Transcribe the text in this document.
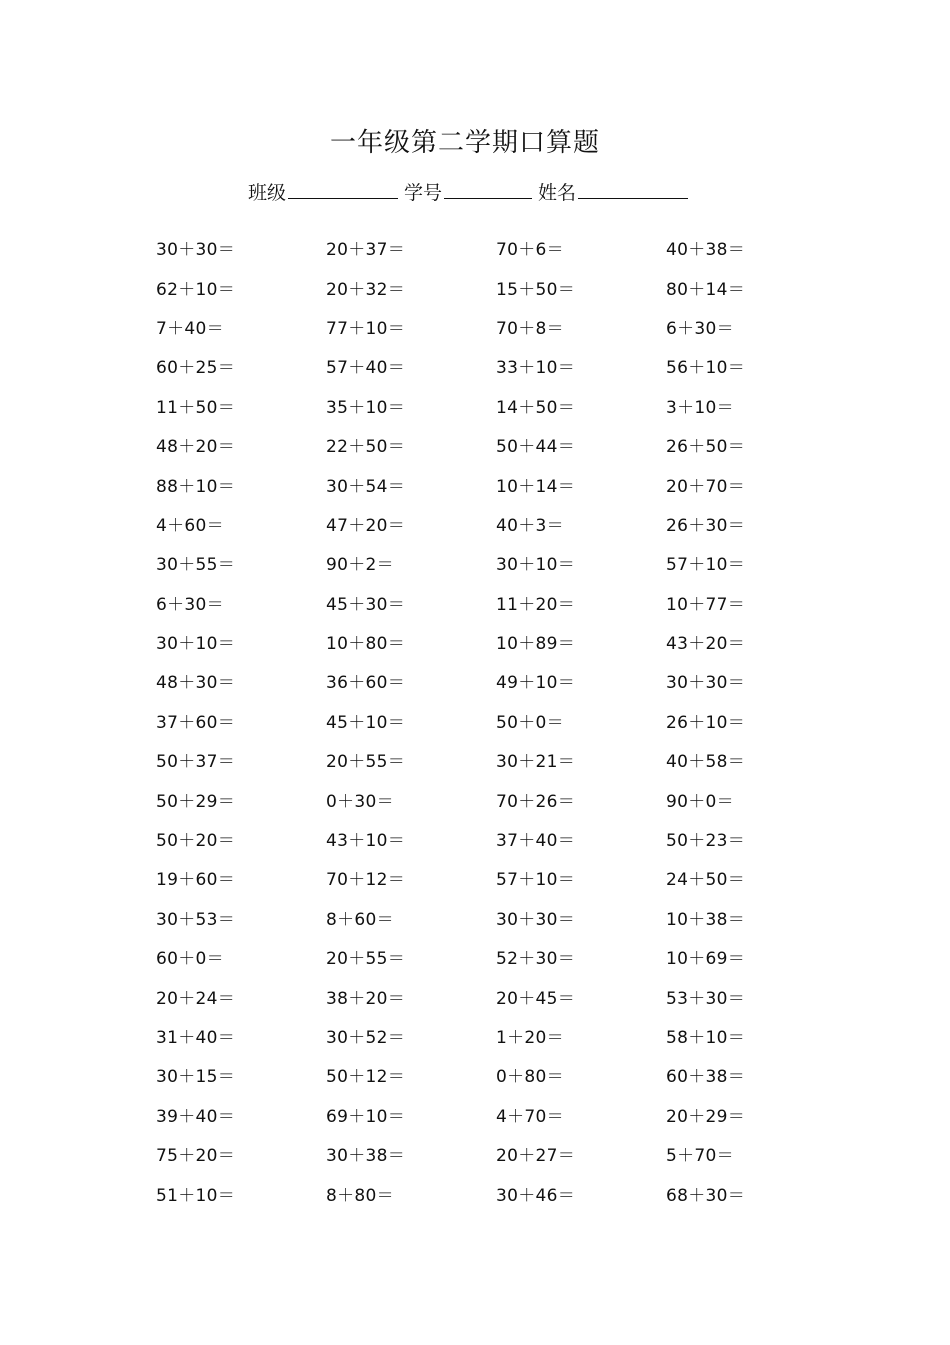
一年级第二学期口算题
班级	学号	姓名
30＋30＝	20＋37＝	70＋6＝	40＋38＝
62＋10＝	20＋32＝	15＋50＝	80＋14＝
7＋40＝	77＋10＝	70＋8＝	6＋30＝
60＋25＝	57＋40＝	33＋10＝	56＋10＝
11＋50＝	35＋10＝	14＋50＝	3＋10＝
48＋20＝	22＋50＝	50＋44＝	26＋50＝
88＋10＝	30＋54＝	10＋14＝	20＋70＝
4＋60＝	47＋20＝	40＋3＝	26＋30＝
30＋55＝	90＋2＝	30＋10＝	57＋10＝
6＋30＝	45＋30＝	11＋20＝	10＋77＝
30＋10＝	10＋80＝	10＋89＝	43＋20＝
48＋30＝	36＋60＝	49＋10＝	30＋30＝
37＋60＝	45＋10＝	50＋0＝	26＋10＝
50＋37＝	20＋55＝	30＋21＝	40＋58＝
50＋29＝	0＋30＝	70＋26＝	90＋0＝
50＋20＝	43＋10＝	37＋40＝	50＋23＝
19＋60＝	70＋12＝	57＋10＝	24＋50＝
30＋53＝	8＋60＝	30＋30＝	10＋38＝
60＋0＝	20＋55＝	52＋30＝	10＋69＝
20＋24＝	38＋20＝	20＋45＝	53＋30＝
31＋40＝	30＋52＝	1＋20＝	58＋10＝
30＋15＝	50＋12＝	0＋80＝	60＋38＝
39＋40＝	69＋10＝	4＋70＝	20＋29＝
75＋20＝	30＋38＝	20＋27＝	5＋70＝
51＋10＝	8＋80＝	30＋46＝	68＋30＝
